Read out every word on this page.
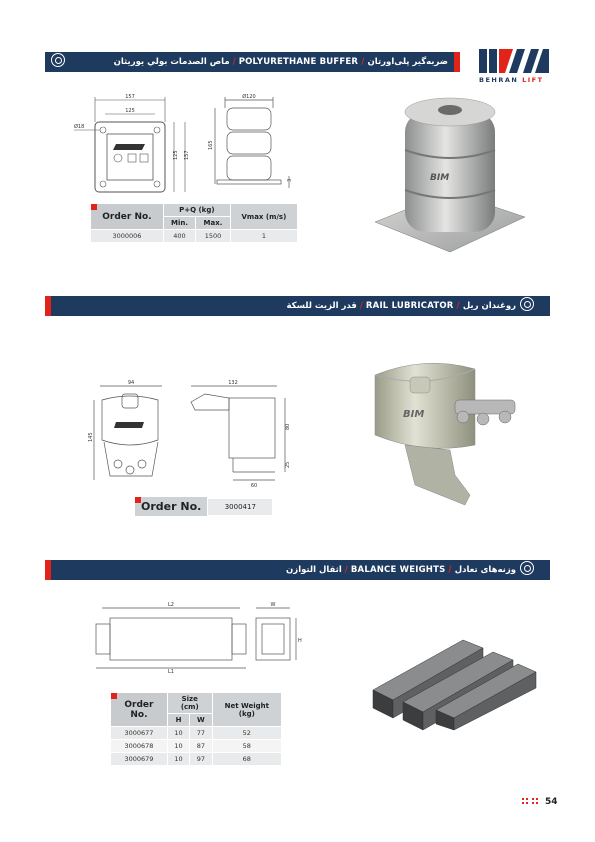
BEHRAN LIFT
ماص الصدمات بولي يوريثان / POLYURETHANE BUFFER / ضربه‌گیر پلی‌اورتان
157
125
Ø18
125 157
Ø120
165
3	BIM
Order No.	P+Q (kg)		Vmax (m/s)
	Min.	Max.	
3000006	400	1500	1
قدر الزيت للسكة / RAIL LUBRICATOR / روغندان ریل
94
145
132
80
25
60
BIM
Order No.	3000417
اثقال التوازن / BALANCE WEIGHTS / وزنه‌های تعادل
L2
L1
W
H
Order No.	Size (cm)		Net Weight (kg)
	H	W	
3000677	10	77	52
3000678	10	87	58
3000679	10	97	68
54
